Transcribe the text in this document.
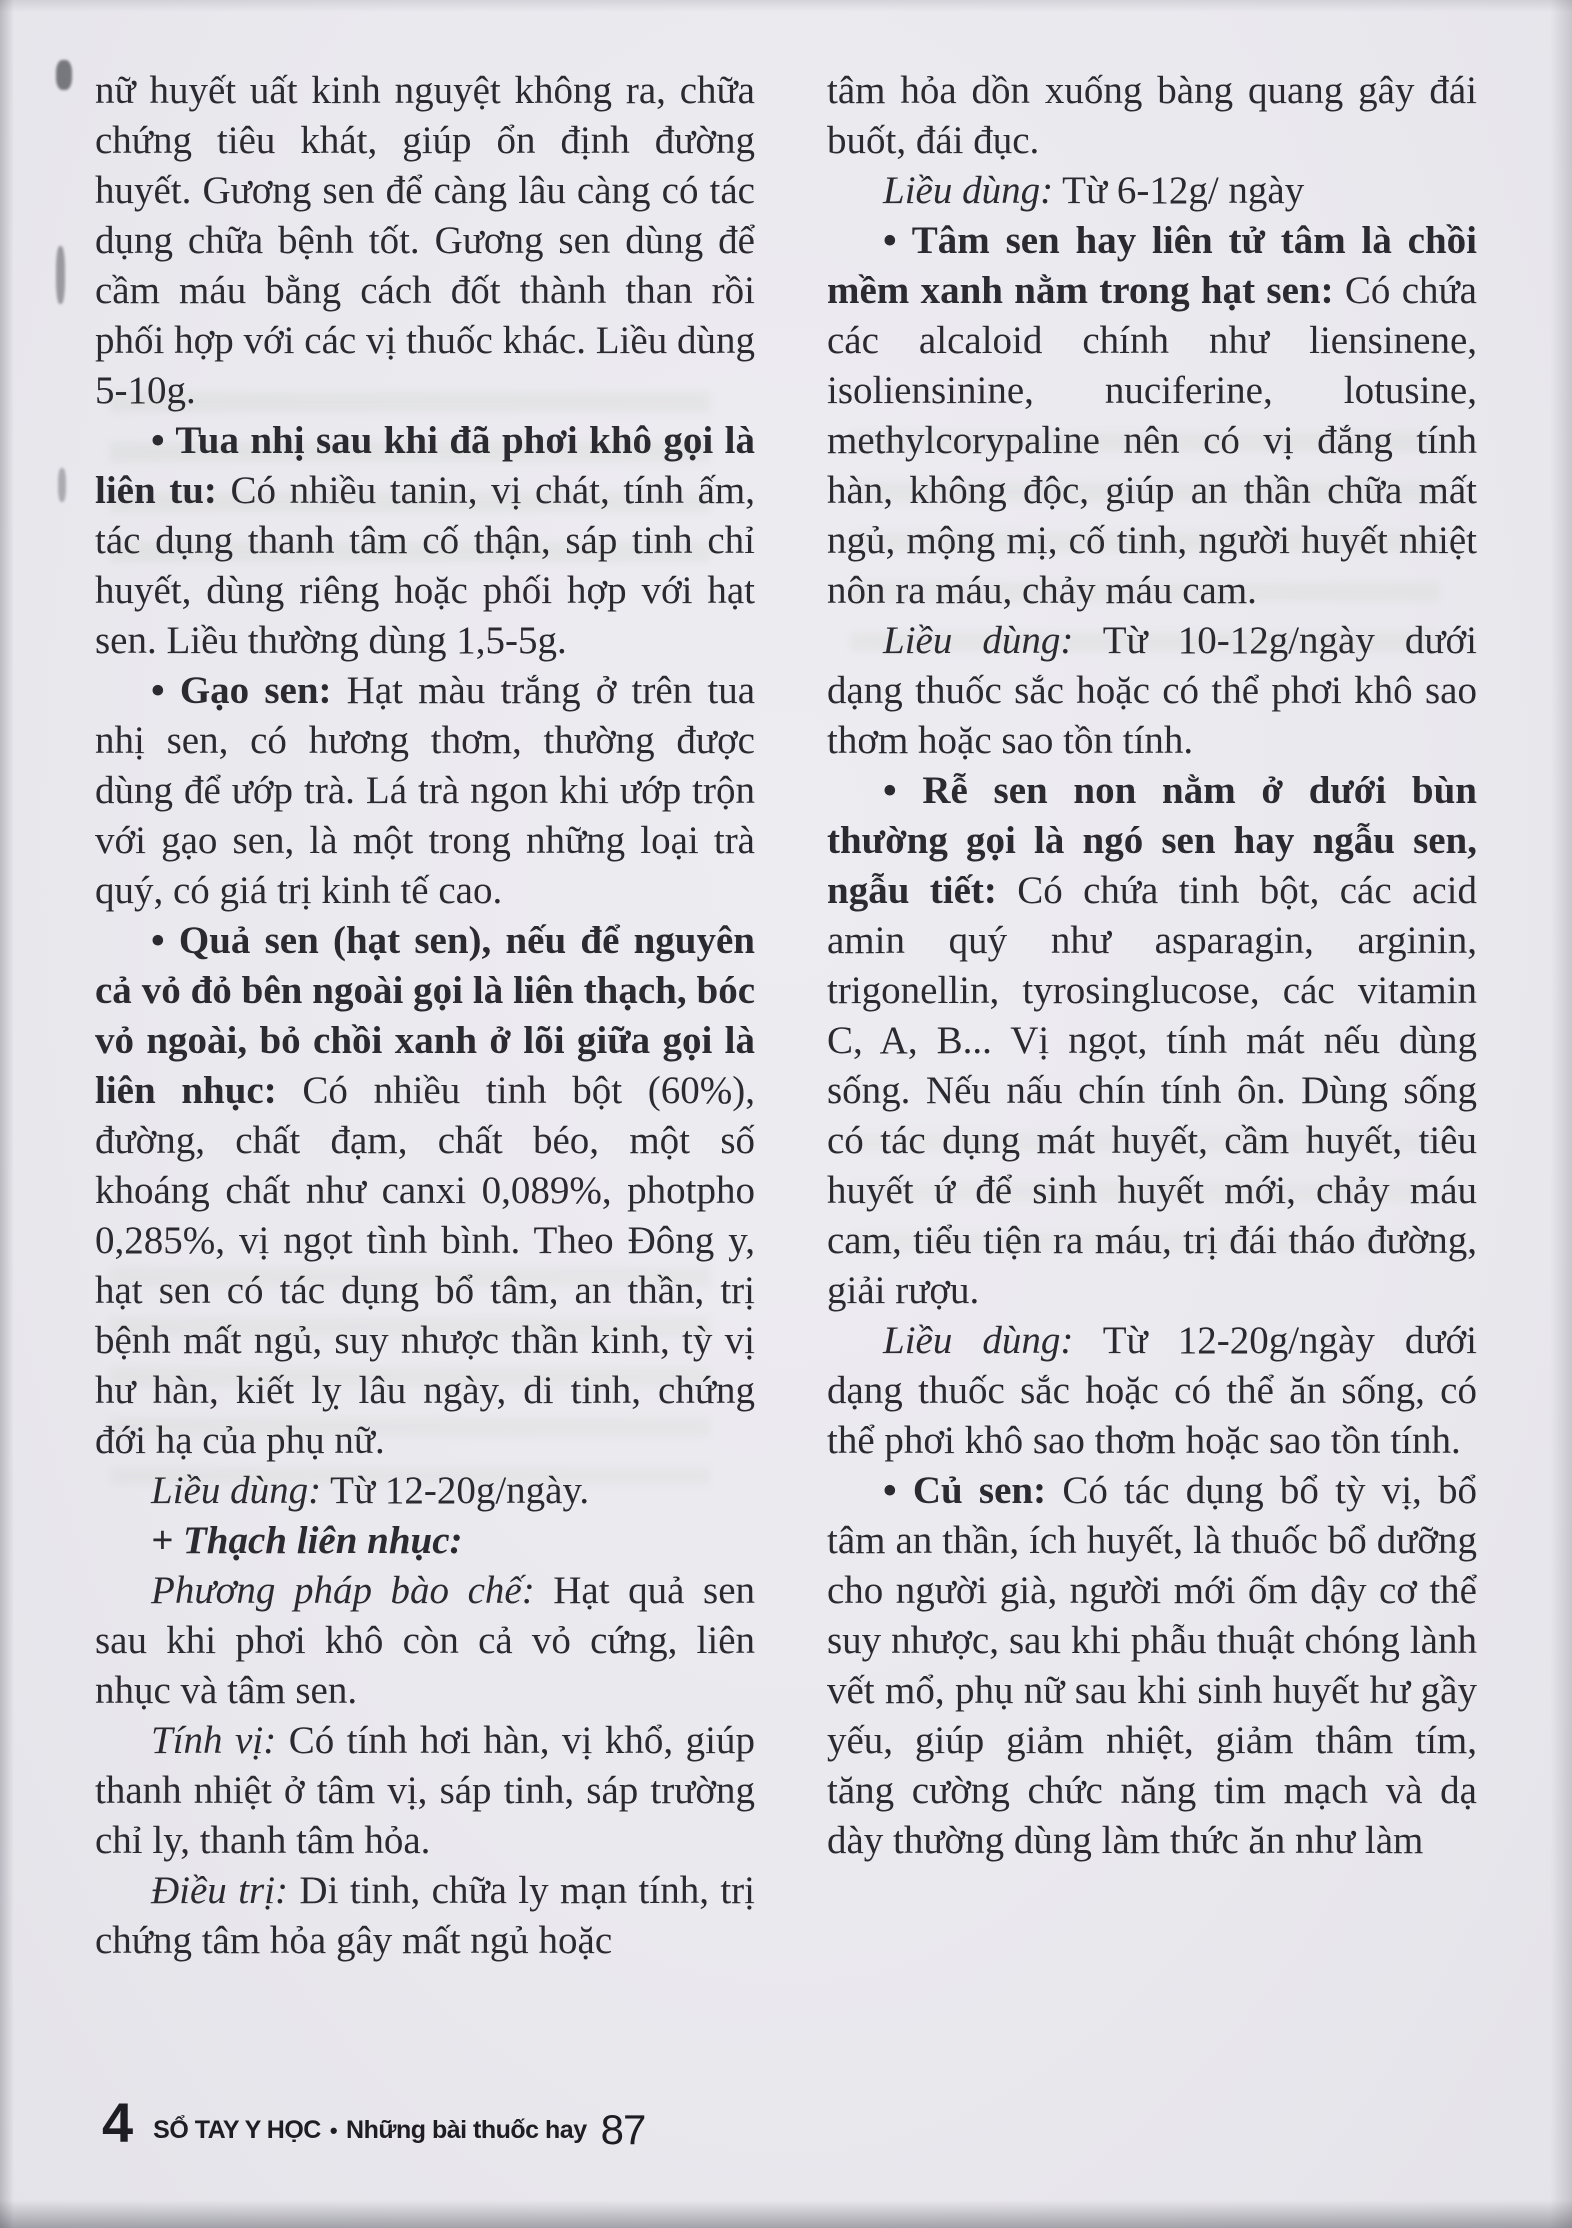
nữ huyết uất kinh nguyệt không ra, chữa chứng tiêu khát, giúp ổn định đường huyết. Gương sen để càng lâu càng có tác dụng chữa bệnh tốt. Gương sen dùng để cầm máu bằng cách đốt thành than rồi phối hợp với các vị thuốc khác. Liều dùng 5-10g.

• Tua nhị sau khi đã phơi khô gọi là liên tu: Có nhiều tanin, vị chát, tính ấm, tác dụng thanh tâm cố thận, sáp tinh chỉ huyết, dùng riêng hoặc phối hợp với hạt sen. Liều thường dùng 1,5-5g.

• Gạo sen: Hạt màu trắng ở trên tua nhị sen, có hương thơm, thường được dùng để ướp trà. Lá trà ngon khi ướp trộn với gạo sen, là một trong những loại trà quý, có giá trị kinh tế cao.

• Quả sen (hạt sen), nếu để nguyên cả vỏ đỏ bên ngoài gọi là liên thạch, bóc vỏ ngoài, bỏ chồi xanh ở lõi giữa gọi là liên nhục: Có nhiều tinh bột (60%), đường, chất đạm, chất béo, một số khoáng chất như canxi 0,089%, photpho 0,285%, vị ngọt tình bình. Theo Đông y, hạt sen có tác dụng bổ tâm, an thần, trị bệnh mất ngủ, suy nhược thần kinh, tỳ vị hư hàn, kiết lỵ lâu ngày, di tinh, chứng đới hạ của phụ nữ.

Liều dùng: Từ 12-20g/ngày.

+ Thạch liên nhục:

Phương pháp bào chế: Hạt quả sen sau khi phơi khô còn cả vỏ cứng, liên nhục và tâm sen.

Tính vị: Có tính hơi hàn, vị khổ, giúp thanh nhiệt ở tâm vị, sáp tinh, sáp trường chỉ ly, thanh tâm hỏa.

Điều trị: Di tinh, chữa ly mạn tính, trị chứng tâm hỏa gây mất ngủ hoặc

tâm hỏa dồn xuống bàng quang gây đái buốt, đái đục.

Liều dùng: Từ 6-12g/ ngày

• Tâm sen hay liên tử tâm là chồi mềm xanh nằm trong hạt sen: Có chứa các alcaloid chính như liensinene, isoliensinine, nuciferine, lotusine, methylcorypaline nên có vị đắng tính hàn, không độc, giúp an thần chữa mất ngủ, mộng mị, cố tinh, người huyết nhiệt nôn ra máu, chảy máu cam.

Liều dùng: Từ 10-12g/ngày dưới dạng thuốc sắc hoặc có thể phơi khô sao thơm hoặc sao tồn tính.

• Rễ sen non nằm ở dưới bùn thường gọi là ngó sen hay ngẫu sen, ngẫu tiết: Có chứa tinh bột, các acid amin quý như asparagin, arginin, trigonellin, tyrosinglucose, các vitamin C, A, B... Vị ngọt, tính mát nếu dùng sống. Nếu nấu chín tính ôn. Dùng sống có tác dụng mát huyết, cầm huyết, tiêu huyết ứ để sinh huyết mới, chảy máu cam, tiểu tiện ra máu, trị đái tháo đường, giải rượu.

Liều dùng: Từ 12-20g/ngày dưới dạng thuốc sắc hoặc có thể ăn sống, có thể phơi khô sao thơm hoặc sao tồn tính.

• Củ sen: Có tác dụng bổ tỳ vị, bổ tâm an thần, ích huyết, là thuốc bổ dưỡng cho người già, người mới ốm dậy cơ thể suy nhược, sau khi phẫu thuật chóng lành vết mổ, phụ nữ sau khi sinh huyết hư gầy yếu, giúp giảm nhiệt, giảm thâm tím, tăng cường chức năng tim mạch và dạ dày thường dùng làm thức ăn như làm

4 SỔ TAY Y HỌC • Những bài thuốc hay 87
